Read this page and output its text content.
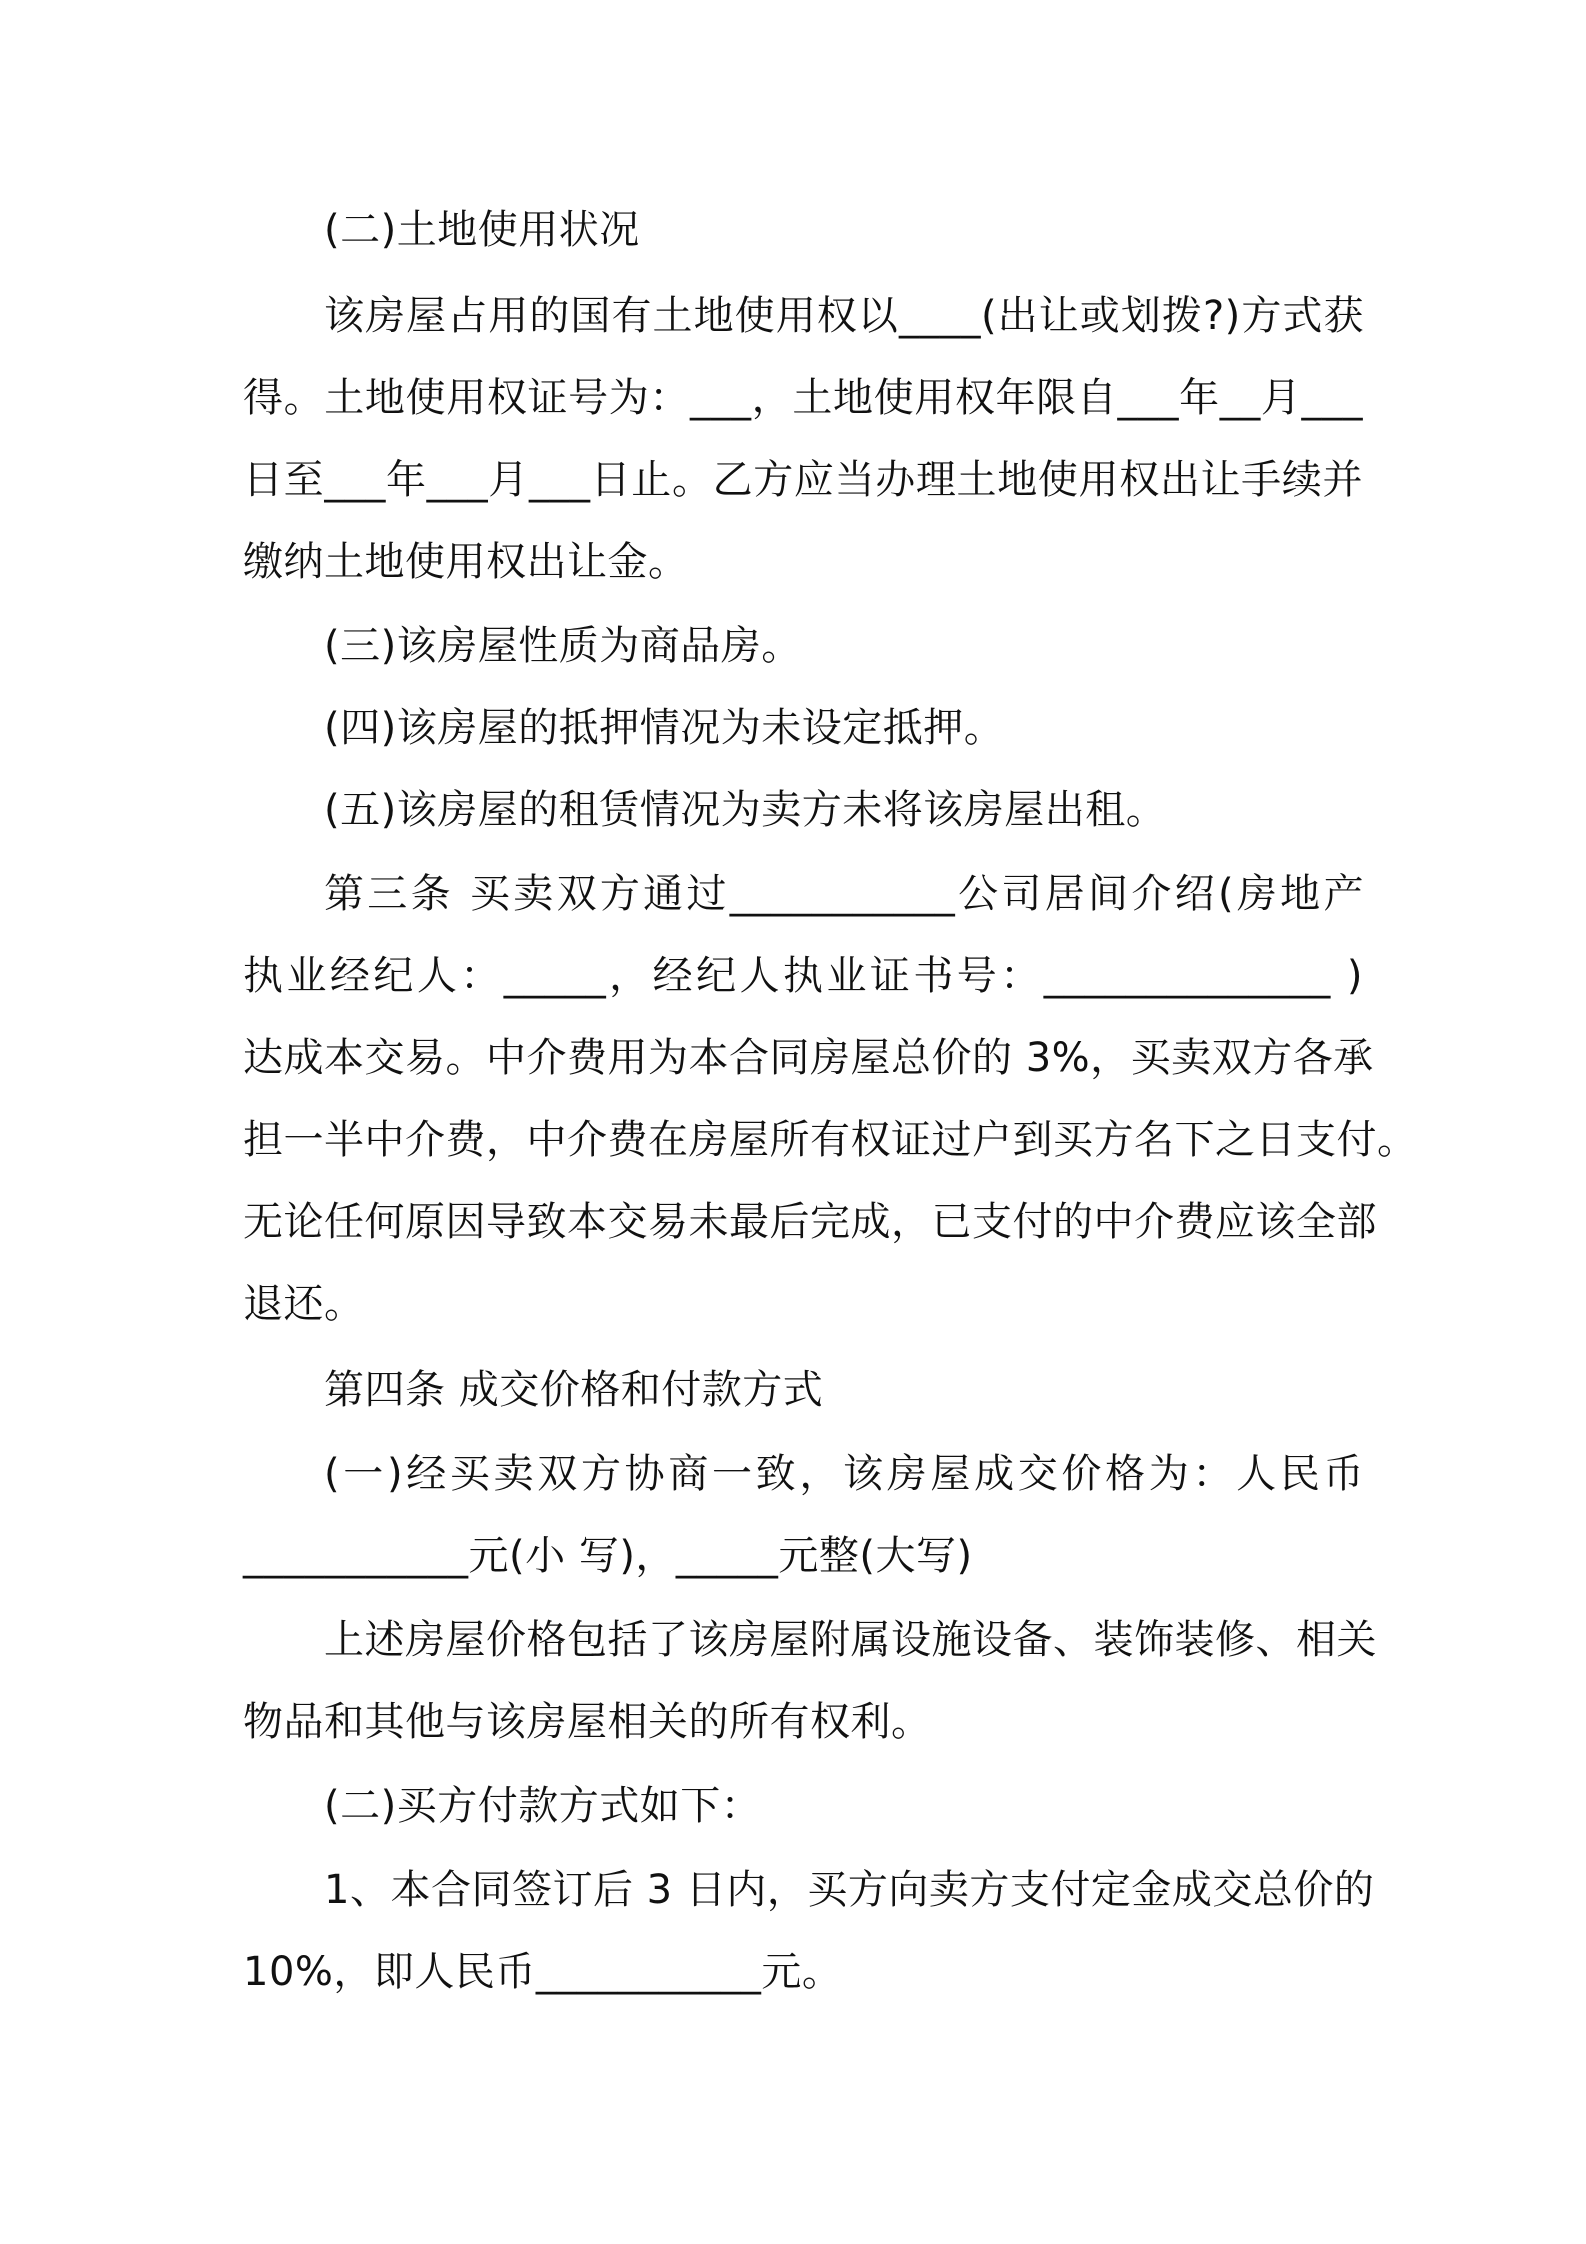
(二)土地使用状况
该房屋占用的国有土地使用权以____(出让或划拨?)方式获
得。土地使用权证号为：___，土地使用权年限自___年__月___
日至___年___月___日止。乙方应当办理土地使用权出让手续并
缴纳土地使用权出让金。
(三)该房屋性质为商品房。
(四)该房屋的抵押情况为未设定抵押。
(五)该房屋的租赁情况为卖方未将该房屋出租。
第三条 买卖双方通过___________公司居间介绍(房地产
执业经纪人：_____，经纪人执业证书号：______________ )
达成本交易。中介费用为本合同房屋总价的 3%，买卖双方各承
担一半中介费，中介费在房屋所有权证过户到买方名下之日支付。
无论任何原因导致本交易未最后完成，已支付的中介费应该全部
退还。
第四条 成交价格和付款方式
(一)经买卖双方协商一致，该房屋成交价格为：人民币
___________元(小 写)，_____元整(大写)
上述房屋价格包括了该房屋附属设施设备、装饰装修、相关
物品和其他与该房屋相关的所有权利。
(二)买方付款方式如下：
1、本合同签订后 3 日内，买方向卖方支付定金成交总价的
10%，即人民币___________元。
